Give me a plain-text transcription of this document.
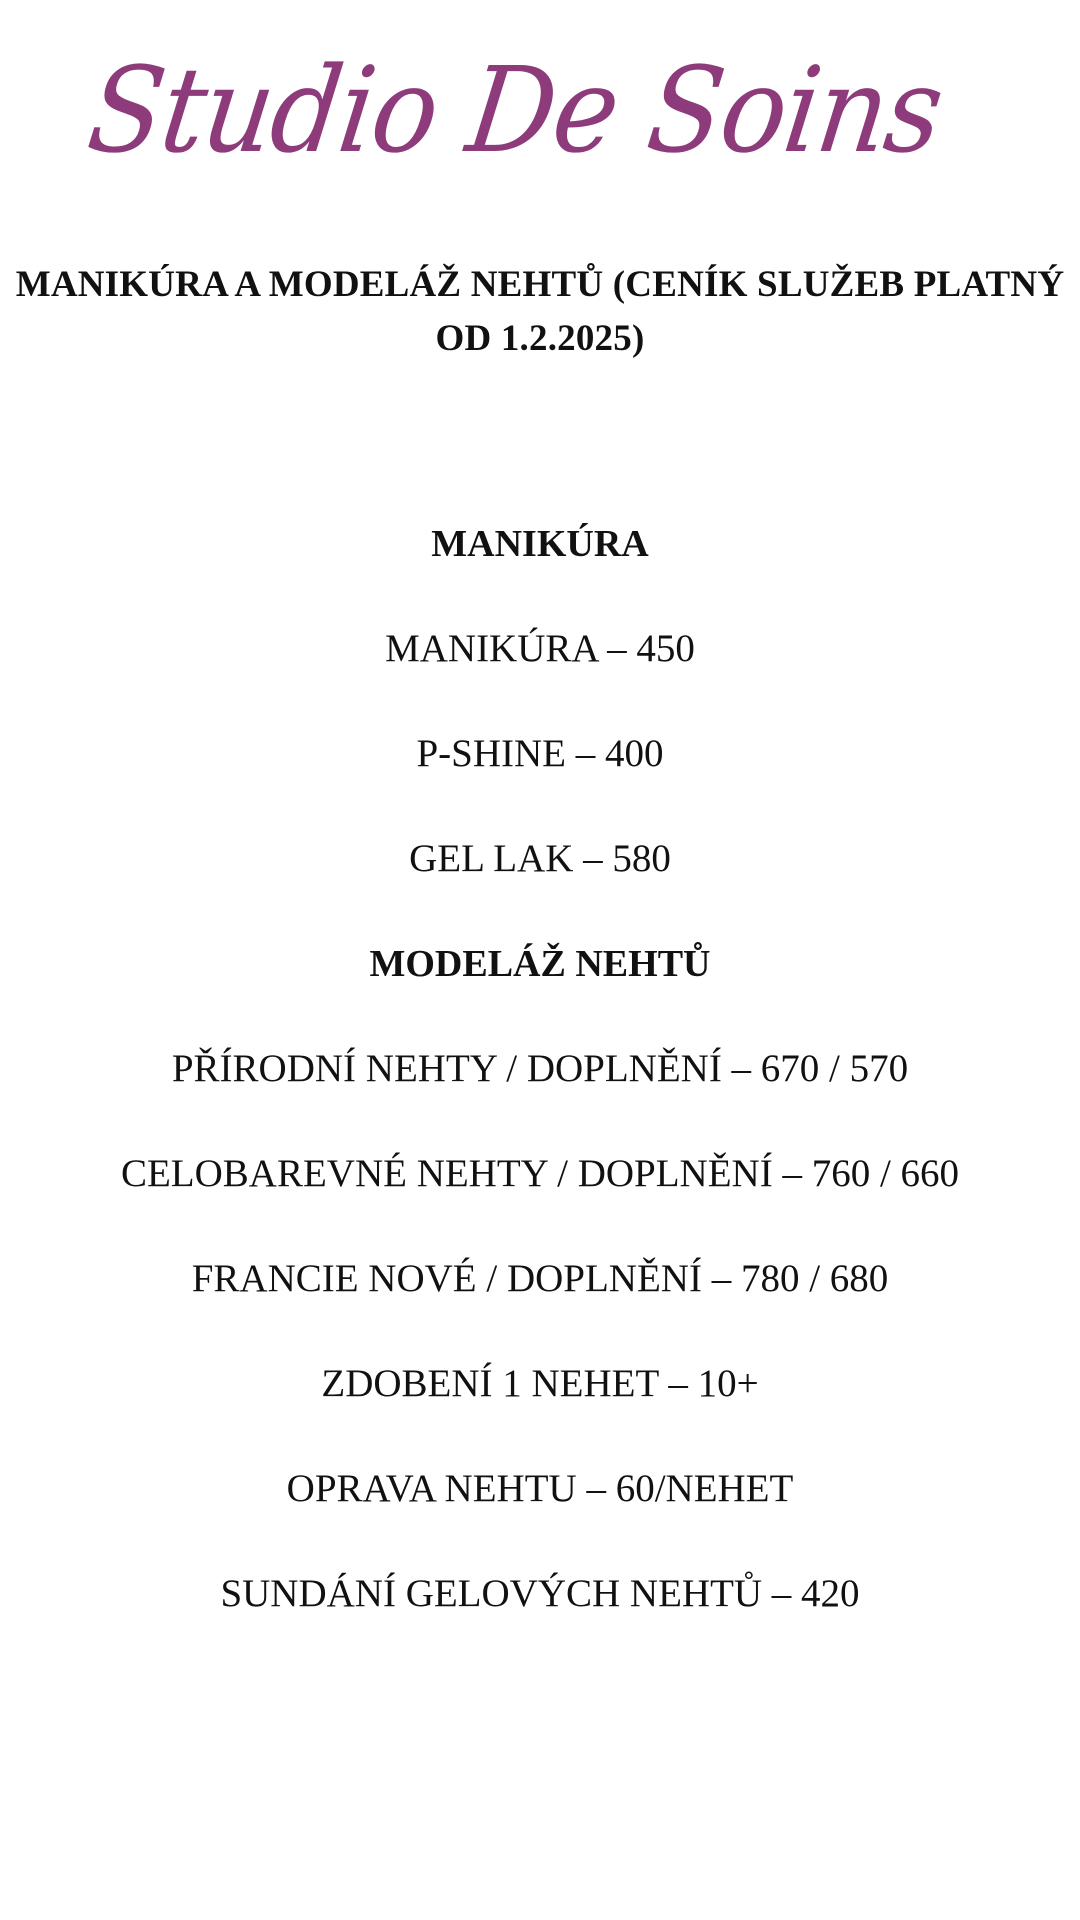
Studio De Soins
MANIKÚRA A MODELÁŽ NEHTŮ (CENÍK SLUŽEB PLATNÝ OD 1.2.2025)
MANIKÚRA

MANIKÚRA – 450

P-SHINE – 400

GEL LAK – 580

MODELÁŽ NEHTŮ

PŘÍRODNÍ NEHTY / DOPLNĚNÍ – 670 / 570

CELOBAREVNÉ NEHTY / DOPLNĚNÍ – 760 / 660

FRANCIE NOVÉ / DOPLNĚNÍ – 780 / 680

ZDOBENÍ 1 NEHET – 10+

OPRAVA NEHTU – 60/NEHET

SUNDÁNÍ GELOVÝCH NEHTŮ – 420
